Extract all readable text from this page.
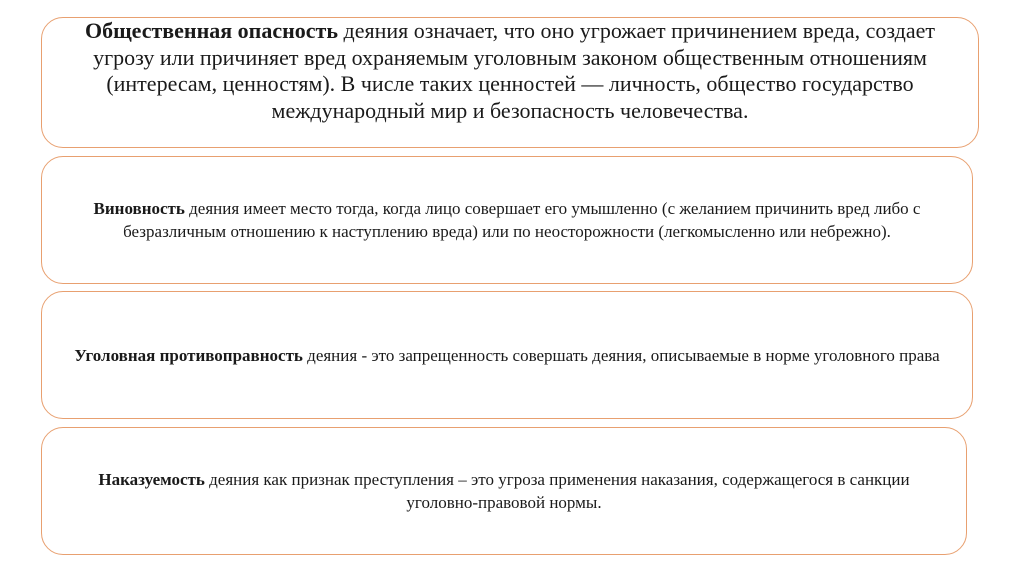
Общественная опасность деяния означает, что оно угрожает причинением вреда, создает угрозу или причиняет вред охраняемым уголовным законом общественным отношениям (интересам, ценностям). В числе таких ценностей — личность, общество государство международный мир и безопасность человечества.

Виновность деяния имеет место тогда, когда лицо совершает его умышленно (с желанием причинить вред либо с безразличным отношению к наступлению вреда) или по неосторожности (легкомысленно или небрежно).

Уголовная противоправность деяния - это запрещенность совершать деяния, описываемые в норме уголовного права

Наказуемость деяния как признак преступления – это угроза применения наказания, содержащегося в санкции уголовно-правовой нормы.
